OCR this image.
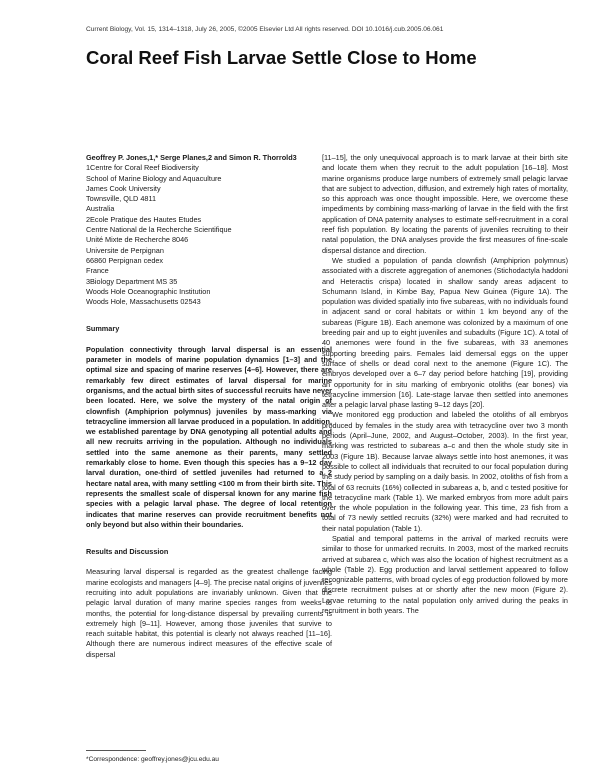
Current Biology, Vol. 15, 1314–1318, July 26, 2005, ©2005 Elsevier Ltd All rights reserved. DOI 10.1016/j.cub.2005.06.061
Coral Reef Fish Larvae Settle Close to Home

Geoffrey P. Jones,1,* Serge Planes,2 and Simon R. Thorrold3

1Centre for Coral Reef Biodiversity

School of Marine Biology and Aquaculture

James Cook University

Townsville, QLD 4811

Australia

2Ecole Pratique des Hautes Etudes

Centre National de la Recherche Scientifique

Unité Mixte de Recherche 8046

Universite de Perpignan

66860 Perpignan cedex

France

3Biology Department MS 35

Woods Hole Oceanographic Institution

Woods Hole, Massachusetts 02543

Summary

Population connectivity through larval dispersal is an essential parameter in models of marine population dynamics [1–3] and the optimal size and spacing of marine reserves [4–6]. However, there are remarkably few direct estimates of larval dispersal for marine organisms, and the actual birth sites of successful recruits have never been located. Here, we solve the mystery of the natal origin of clownfish (Amphiprion polymnus) juveniles by mass-marking via tetracycline immersion all larvae produced in a population. In addition, we established parentage by DNA genotyping all potential adults and all new recruits arriving in the population. Although no individuals settled into the same anemone as their parents, many settled remarkably close to home. Even though this species has a 9–12 day larval duration, one-third of settled juveniles had returned to a 2 hectare natal area, with many settling <100 m from their birth site. This represents the smallest scale of dispersal known for any marine fish species with a pelagic larval phase. The degree of local retention indicates that marine reserves can provide recruitment benefits not only beyond but also within their boundaries.

Results and Discussion

Measuring larval dispersal is regarded as the greatest challenge facing marine ecologists and managers [4–9]. The precise natal origins of juveniles recruiting into adult populations are invariably unknown. Given that the pelagic larval duration of many marine species ranges from weeks to months, the potential for long-distance dispersal by prevailing currents is extremely high [9–11]. However, among those juveniles that survive to reach suitable habitat, this potential is clearly not always reached [11–16]. Although there are numerous indirect measures of the effective scale of dispersal

[11–15], the only unequivocal approach is to mark larvae at their birth site and locate them when they recruit to the adult population [16–18]. Most marine organisms produce large numbers of extremely small pelagic larvae that are subject to advection, diffusion, and extremely high rates of mortality, so this approach was once thought impossible. Here, we overcome these impediments by combining mass-marking of larvae in the field with the first application of DNA paternity analyses to estimate self-recruitment in a coral reef fish population. By locating the parents of juveniles recruiting to their natal population, the DNA analyses provide the first measures of fine-scale dispersal distance and direction.

We studied a population of panda clownfish (Amphiprion polymnus) associated with a discrete aggregation of anemones (Stichodactyla haddoni and Heteractis crispa) located in shallow sandy areas adjacent to Schumann Island, in Kimbe Bay, Papua New Guinea (Figure 1A). The population was divided spatially into five subareas, with no individuals found in adjacent sand or coral habitats or within 1 km beyond any of the subareas (Figure 1B). Each anemone was colonized by a maximum of one breeding pair and up to eight juveniles and subadults (Figure 1C). A total of 40 anemones were found in the five subareas, with 33 anemones supporting breeding pairs. Females laid demersal eggs on the upper surface of shells or dead coral next to the anemone (Figure 1C). The embryos developed over a 6–7 day period before hatching [19], providing an opportunity for in situ marking of embryonic otoliths (ear bones) via tetracycline immersion [16]. Late-stage larvae then settled into anemones after a pelagic larval phase lasting 9–12 days [20].

We monitored egg production and labeled the otoliths of all embryos produced by females in the study area with tetracycline over two 3 month periods (April–June, 2002, and August–October, 2003). In the first year, marking was restricted to subareas a–c and then the whole study site in 2003 (Figure 1B). Because larvae always settle into host anemones, it was possible to collect all individuals that recruited to our focal population during the study period by sampling on a daily basis. In 2002, otoliths of fish from a total of 63 recruits (16%) collected in subareas a, b, and c tested positive for the tetracycline mark (Table 1). We marked embryos from more adult pairs over the whole population in the following year. This time, 23 fish from a total of 73 newly settled recruits (32%) were marked and had recruited to their natal population (Table 1).

Spatial and temporal patterns in the arrival of marked recruits were similar to those for unmarked recruits. In 2003, most of the marked recruits arrived at subarea c, which was also the location of highest recruitment as a whole (Table 2). Egg production and larval settlement appeared to follow recognizable patterns, with broad cycles of egg production followed by more discrete recruitment pulses at or shortly after the new moon (Figure 2). Larvae returning to the natal population only arrived during the peaks in recruitment in both years. The

*Correspondence: geoffrey.jones@jcu.edu.au
